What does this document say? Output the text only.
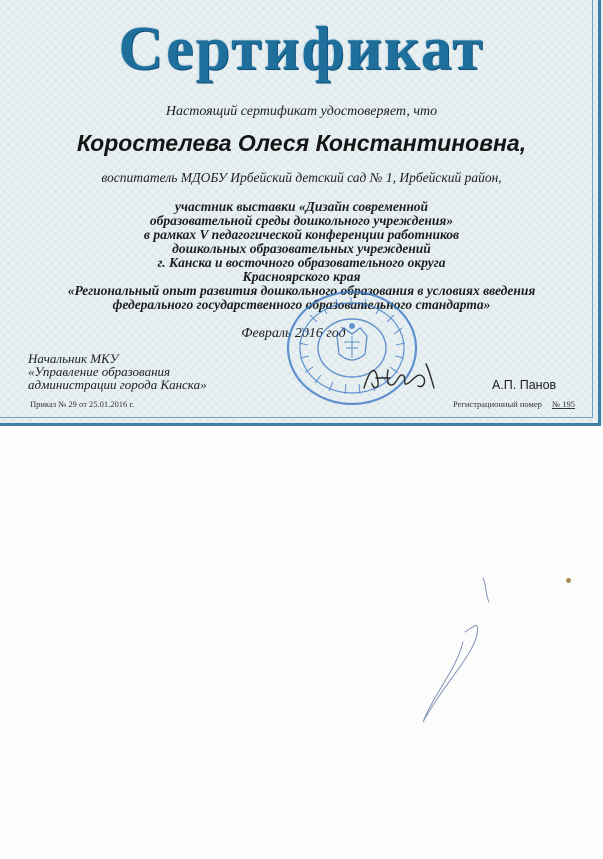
Сертификат
Настоящий сертификат удостоверяет, что
Коростелева Олеся Константиновна,
воспитатель МДОБУ Ирбейский детский сад № 1, Ирбейский район,
участник выставки «Дизайн современной
образовательной среды дошкольного учреждения»
в рамках V педагогической конференции работников
дошкольных образовательных учреждений
г. Канска и восточного образовательного округа
Красноярского края
«Региональный опыт развития дошкольного образования в условиях введения
федерального государственного образовательного стандарта»
Февраль 2016 год
Начальник МКУ
«Управление образования
администрации города Канска»	А.П. Панов
Приказ № 29 от 25.01.2016 г.	Регистрационный номер № 195
